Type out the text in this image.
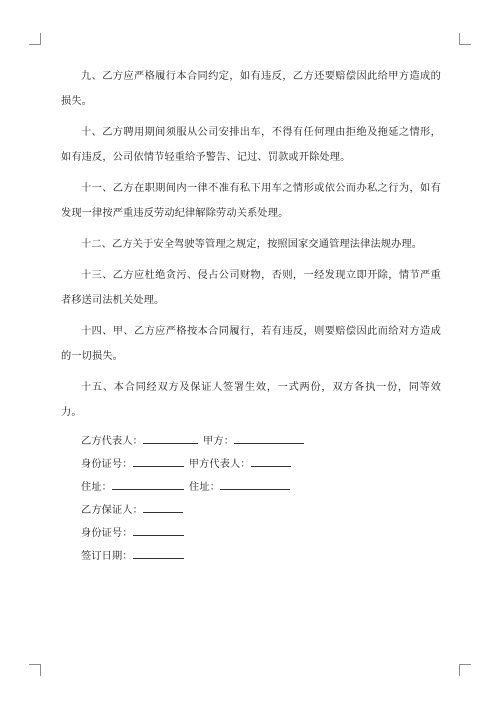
九、乙方应严格履行本合同约定，如有违反，乙方还要赔偿因此给甲方造成的损失。

十、乙方聘用期间须服从公司安排出车，不得有任何理由拒绝及拖延之情形，如有违反，公司依情节轻重给予警告、记过、罚款或开除处理。

十一、乙方在职期间内一律不准有私下用车之情形或依公而办私之行为，如有发现一律按严重违反劳动纪律解除劳动关系处理。

十二、乙方关于安全驾驶等管理之规定，按照国家交通管理法律法规办理。

十三、乙方应杜绝贪污、侵占公司财物，否则，一经发现立即开除，情节严重者移送司法机关处理。

十四、甲、乙方应严格按本合同履行，若有违反，则要赔偿因此而给对方造成的一切损失。

十五、本合同经双方及保证人签署生效，一式两份，双方各执一份，同等效力。

乙方代表人：	甲方：
身份证号：	甲方代表人：
住址：	住址：
乙方保证人：
身份证号：
签订日期：
